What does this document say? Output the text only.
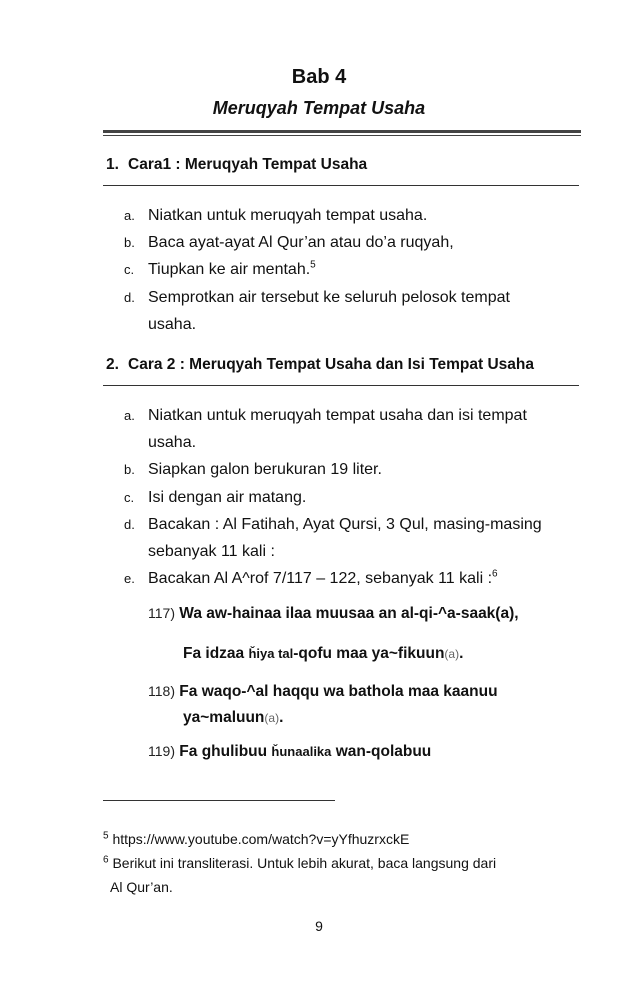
Bab 4
Meruqyah Tempat Usaha
1. Cara1 : Meruqyah Tempat Usaha
a. Niatkan untuk meruqyah tempat usaha.
b. Baca ayat-ayat Al Qur’an atau do’a ruqyah,
c. Tiupkan ke air mentah.$^5$
d. Semprotkan air tersebut ke seluruh pelosok tempat
usaha.
2. Cara 2 : Meruqyah Tempat Usaha dan Isi Tempat Usaha
a. Niatkan untuk meruqyah tempat usaha dan isi tempat
usaha.
b. Siapkan galon berukuran 19 liter.
c. Isi dengan air matang.
d. Bacakan : Al Fatihah, Ayat Qursi, 3 Qul, masing-masing
sebanyak 11 kali :
e. Bacakan Al A^rof 7/117 – 122, sebanyak 11 kali :$^6$
117) Wa aw-hainaa ilaa muusaa an al-qi-^a-saak(a),
Fa idzaa ȟiya tal-qofu maa ya~fikuun(a).
118) Fa waqo-^al haqqu wa bathola maa kaanuu
ya~maluun(a).
119) Fa ghulibuu ȟunaalika wan-qolabuu
$^5$ https://www.youtube.com/watch?v=yYfhuzrxckE
$^6$ Berikut ini transliterasi. Untuk lebih akurat, baca langsung dari
Al Qur’an.
9
